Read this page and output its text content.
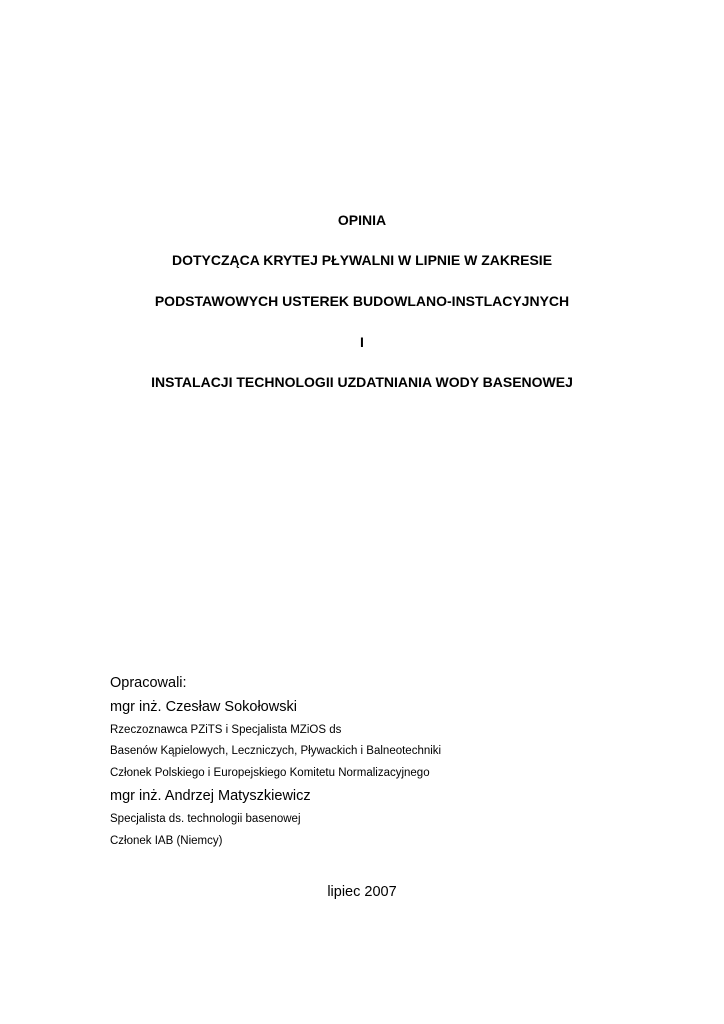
OPINIA
DOTYCZĄCA KRYTEJ PŁYWALNI W LIPNIE W ZAKRESIE
PODSTAWOWYCH USTEREK BUDOWLANO-INSTLACYJNYCH
I
INSTALACJI TECHNOLOGII UZDATNIANIA WODY BASENOWEJ
Opracowali:
mgr inż. Czesław Sokołowski
Rzeczoznawca PZiTS i Specjalista MZiOS ds
Basenów Kąpielowych, Leczniczych, Pływackich i Balneotechniki
Członek Polskiego i Europejskiego Komitetu Normalizacyjnego
mgr inż. Andrzej Matyszkiewicz
Specjalista ds. technologii basenowej
Członek IAB (Niemcy)
lipiec 2007
